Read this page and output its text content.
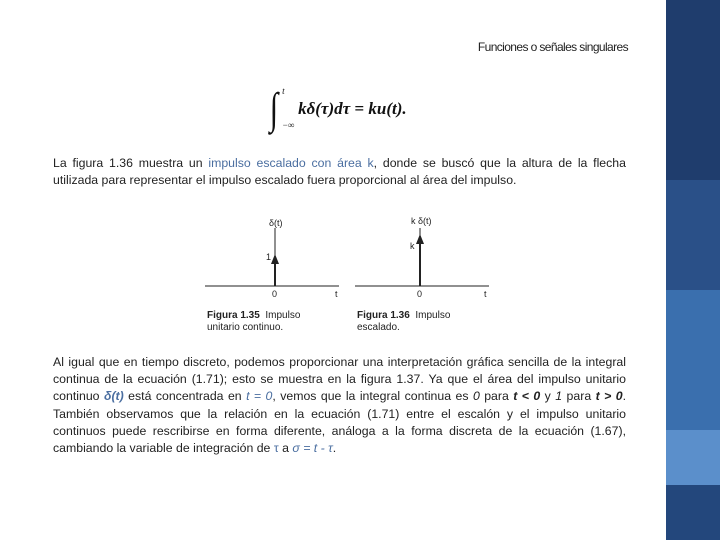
Funciones o señales singulares
∫ t
−∞
kδ(τ)dτ = ku(t).
La figura 1.36 muestra un impulso escalado con área k, donde se buscó que la altura de la flecha utilizada para representar el impulso escalado fuera proporcional al área del impulso.
δ(t)
1
0	t
k δ(t)
k
0	t
Figura 1.35 Impulso
unitario continuo.
Figura 1.36 Impulso
escalado.
Al igual que en tiempo discreto, podemos proporcionar una interpretación gráfica sencilla de la integral continua de la ecuación (1.71); esto se muestra en la figura 1.37. Ya que el área del impulso unitario continuo δ(t) está concentrada en t = 0, vemos que la integral continua es 0 para t < 0 y 1 para t > 0. También observamos que la relación en la ecuación (1.71) entre el escalón y el impulso unitario continuos puede rescribirse en forma diferente, análoga a la forma discreta de la ecuación (1.67), cambiando la variable de integración de τ a σ = t - τ.
